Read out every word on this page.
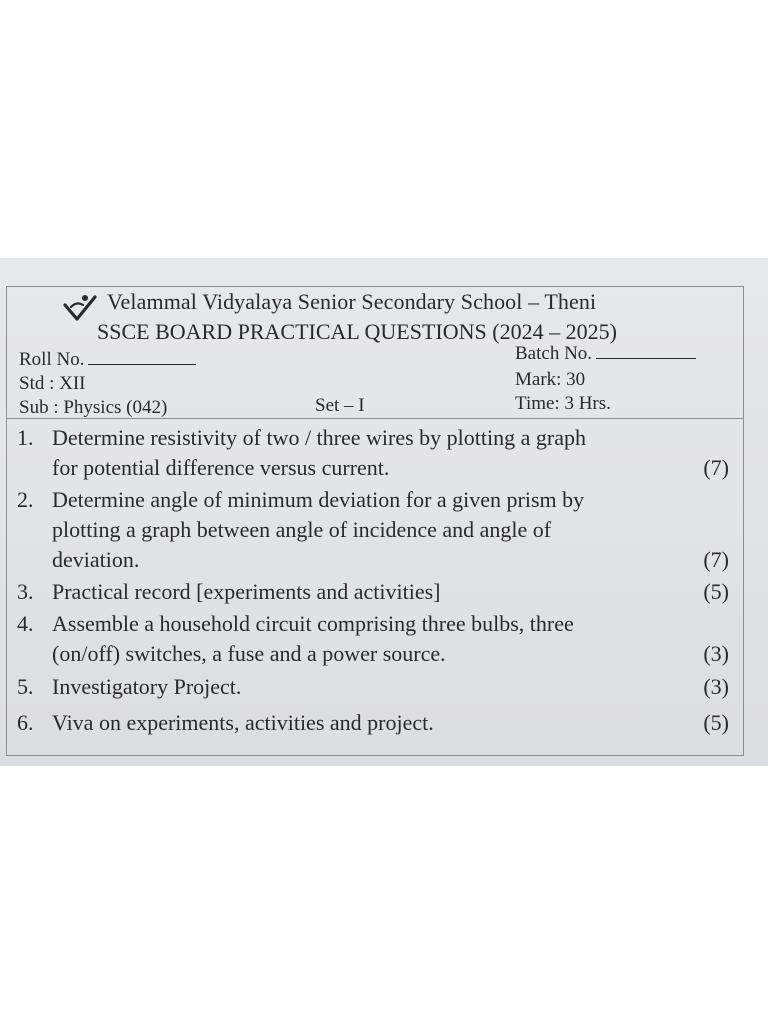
Velammal Vidyalaya Senior Secondary School – Theni
SSCE BOARD PRACTICAL QUESTIONS (2024 – 2025)
Roll No.	Batch No.
Std : XII	Mark: 30
Sub : Physics (042)	Set – I	Time: 3 Hrs.
1. Determine resistivity of two / three wires by plotting a graph
for potential difference versus current.	(7)
2. Determine angle of minimum deviation for a given prism by
plotting a graph between angle of incidence and angle of
deviation.	(7)
3. Practical record [experiments and activities]	(5)
4. Assemble a household circuit comprising three bulbs, three
(on/off) switches, a fuse and a power source.	(3)
5. Investigatory Project.	(3)
6. Viva on experiments, activities and project.	(5)
